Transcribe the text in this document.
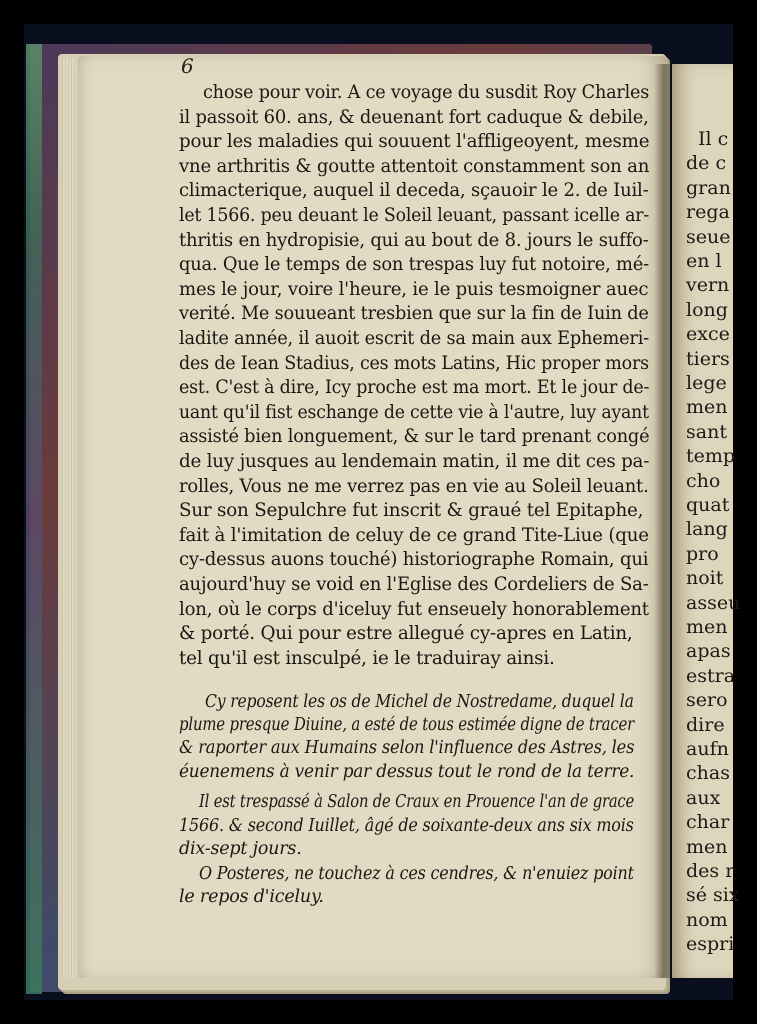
Il c
de c
gran
rega
seue
en l
vern
long
exce
tiers
lege
men
sant
temp
cho
quat
lang
pro
noit
asseu
men
apas
estra
sero
dire
aufn
chas
aux
char
men
des r
sé six
nom
espri
6
chose pour voir. A ce voyage du susdit Roy Charles
il passoit 60. ans, & deuenant fort caduque & debile,
pour les maladies qui souuent l'affligeoyent, mesme
vne arthritis & goutte attentoit constamment son an
climacterique, auquel il deceda, sçauoir le 2. de Iuil-
let 1566. peu deuant le Soleil leuant, passant icelle ar-
thritis en hydropisie, qui au bout de 8. jours le suffo-
qua. Que le temps de son trespas luy fut notoire, mé-
mes le jour, voire l'heure, ie le puis tesmoigner auec
verité. Me souueant tresbien que sur la fin de Iuin de
ladite année, il auoit escrit de sa main aux Ephemeri-
des de Iean Stadius, ces mots Latins, Hic proper mors
est. C'est à dire, Icy proche est ma mort. Et le jour de-
uant qu'il fist eschange de cette vie à l'autre, luy ayant
assisté bien longuement, & sur le tard prenant congé
de luy jusques au lendemain matin, il me dit ces pa-
rolles, Vous ne me verrez pas en vie au Soleil leuant.
Sur son Sepulchre fut inscrit & graué tel Epitaphe,
fait à l'imitation de celuy de ce grand Tite-Liue (que
cy-dessus auons touché) historiographe Romain, qui
aujourd'huy se void en l'Eglise des Cordeliers de Sa-
lon, où le corps d'iceluy fut enseuely honorablement
& porté. Qui pour estre allegué cy-apres en Latin,
tel qu'il est insculpé, ie le traduiray ainsi.
Cy reposent les os de Michel de Nostredame, duquel la
plume presque Diuine, a esté de tous estimée digne de tracer
& raporter aux Humains selon l'influence des Astres, les
éuenemens à venir par dessus tout le rond de la terre.
Il est trespassé à Salon de Craux en Prouence l'an de grace
1566. & second Iuillet, âgé de soixante-deux ans six mois
dix-sept jours.
O Posteres, ne touchez à ces cendres, & n'enuiez point
le repos d'iceluy.
